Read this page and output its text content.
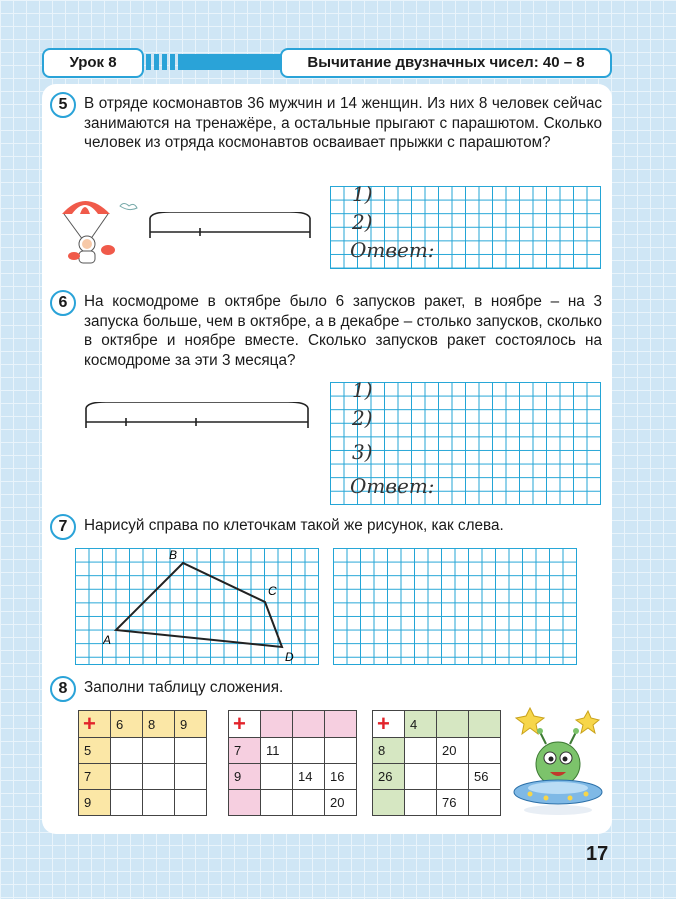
Урок 8	Вычитание двузначных чисел: 40 – 8
5	В отряде космонавтов 36 мужчин и 14 женщин. Из них 8 человек сейчас занимаются на тренажёре, а остальные прыгают с парашютом. Сколько человек из отряда космонавтов осваивает прыжки с парашютом?
1)
2)
Ответ:
6	На космодроме в октябре было 6 запусков ракет, в ноябре – на 3 запуска больше, чем в октябре, а в декабре – столько запусков, сколько в октябре и ноябре вместе. Сколько запусков ракет состоялось на космодроме за эти 3 месяца?
1)
2)
3)
Ответ:
7	Нарисуй справа по клеточкам такой же рисунок, как слева.
A
B
C
D
8	Заполни таблицу сложения.
+	6	8	9
5			
7			
9			
+			
7	11		
9		14	16
			20
+	4		
8		20	
26			56
		76	
17
